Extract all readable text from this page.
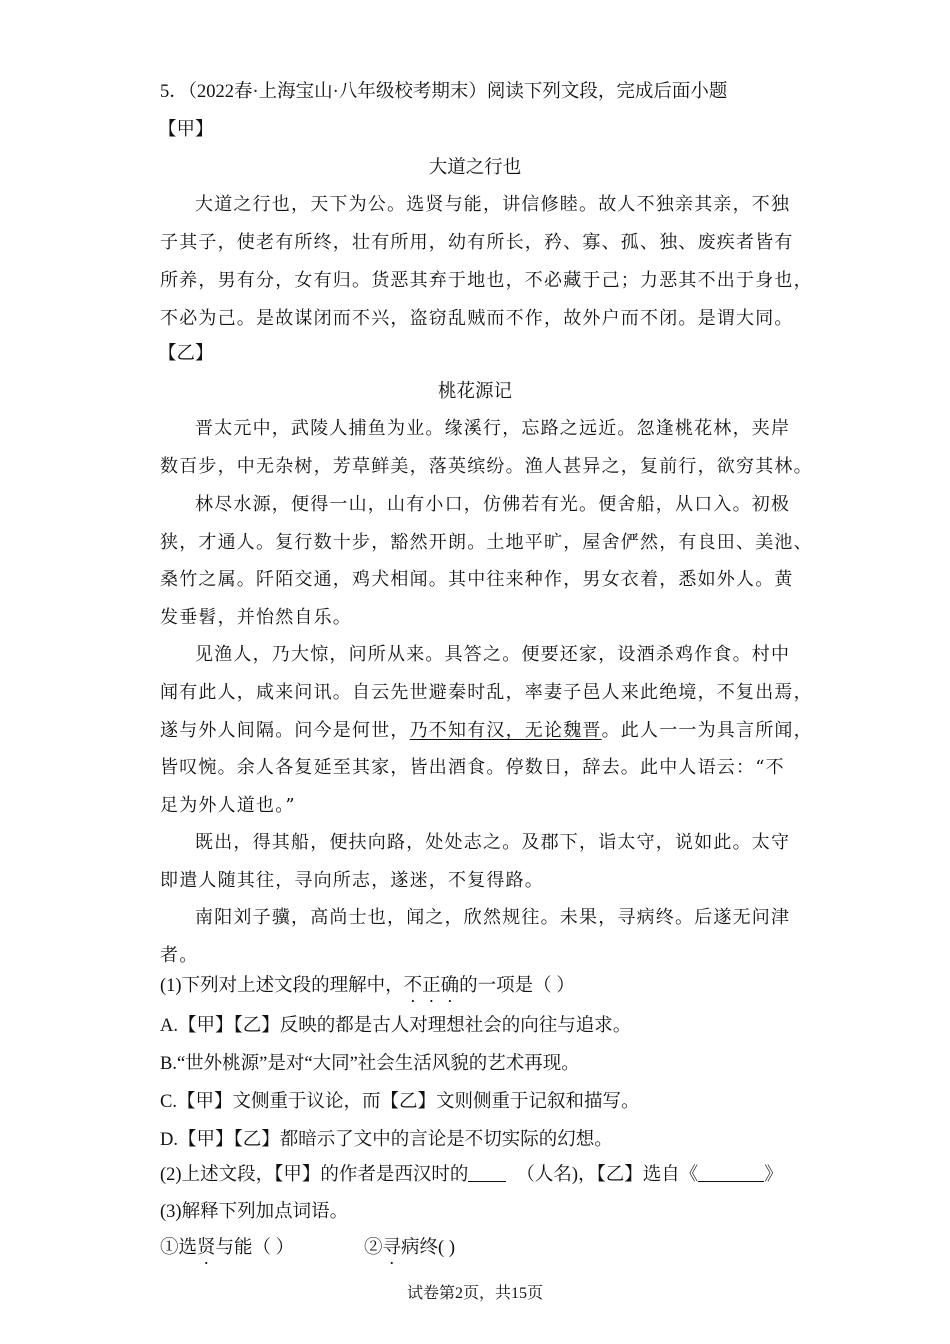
5．（2022春·上海宝山·八年级校考期末）阅读下列文段，完成后面小题
【甲】
大道之行也
大道之行也，天下为公。选贤与能，讲信修睦。故人不独亲其亲，不独
子其子，使老有所终，壮有所用，幼有所长，矜、寡、孤、独、废疾者皆有
所养，男有分，女有归。货恶其弃于地也，不必藏于己；力恶其不出于身也，
不必为己。是故谋闭而不兴，盗窃乱贼而不作，故外户而不闭。是谓大同。
【乙】
桃花源记
晋太元中，武陵人捕鱼为业。缘溪行，忘路之远近。忽逢桃花林，夹岸
数百步，中无杂树，芳草鲜美，落英缤纷。渔人甚异之，复前行，欲穷其林。
林尽水源，便得一山，山有小口，仿佛若有光。便舍船，从口入。初极
狭，才通人。复行数十步，豁然开朗。土地平旷，屋舍俨然，有良田、美池、
桑竹之属。阡陌交通，鸡犬相闻。其中往来种作，男女衣着，悉如外人。黄
发垂髫，并怡然自乐。
见渔人，乃大惊，问所从来。具答之。便要还家，设酒杀鸡作食。村中
闻有此人，咸来问讯。自云先世避秦时乱，率妻子邑人来此绝境，不复出焉，
遂与外人间隔。问今是何世，乃不知有汉，无论魏晋。此人一一为具言所闻，
皆叹惋。余人各复延至其家，皆出酒食。停数日，辞去。此中人语云：“不
足为外人道也。”
既出，得其船，便扶向路，处处志之。及郡下，诣太守，说如此。太守
即遣人随其往，寻向所志，遂迷，不复得路。
南阳刘子骥，高尚士也，闻之，欣然规往。未果，寻病终。后遂无问津
者。
(1)下列对上述文段的理解中，不正确的一项是（ ）
A.【甲】【乙】反映的都是古人对理想社会的向往与追求。
B.“世外桃源”是对“大同”社会生活风貌的艺术再现。
C.【甲】文侧重于议论，而【乙】文则侧重于记叙和描写。
D.【甲】【乙】都暗示了文中的言论是不切实际的幻想。
(2)上述文段，【甲】的作者是西汉时的	（人名)，【乙】选自《	》
(3)解释下列加点词语。
①选贤与能（ ）	②寻病终( )
试卷第2页，共15页
